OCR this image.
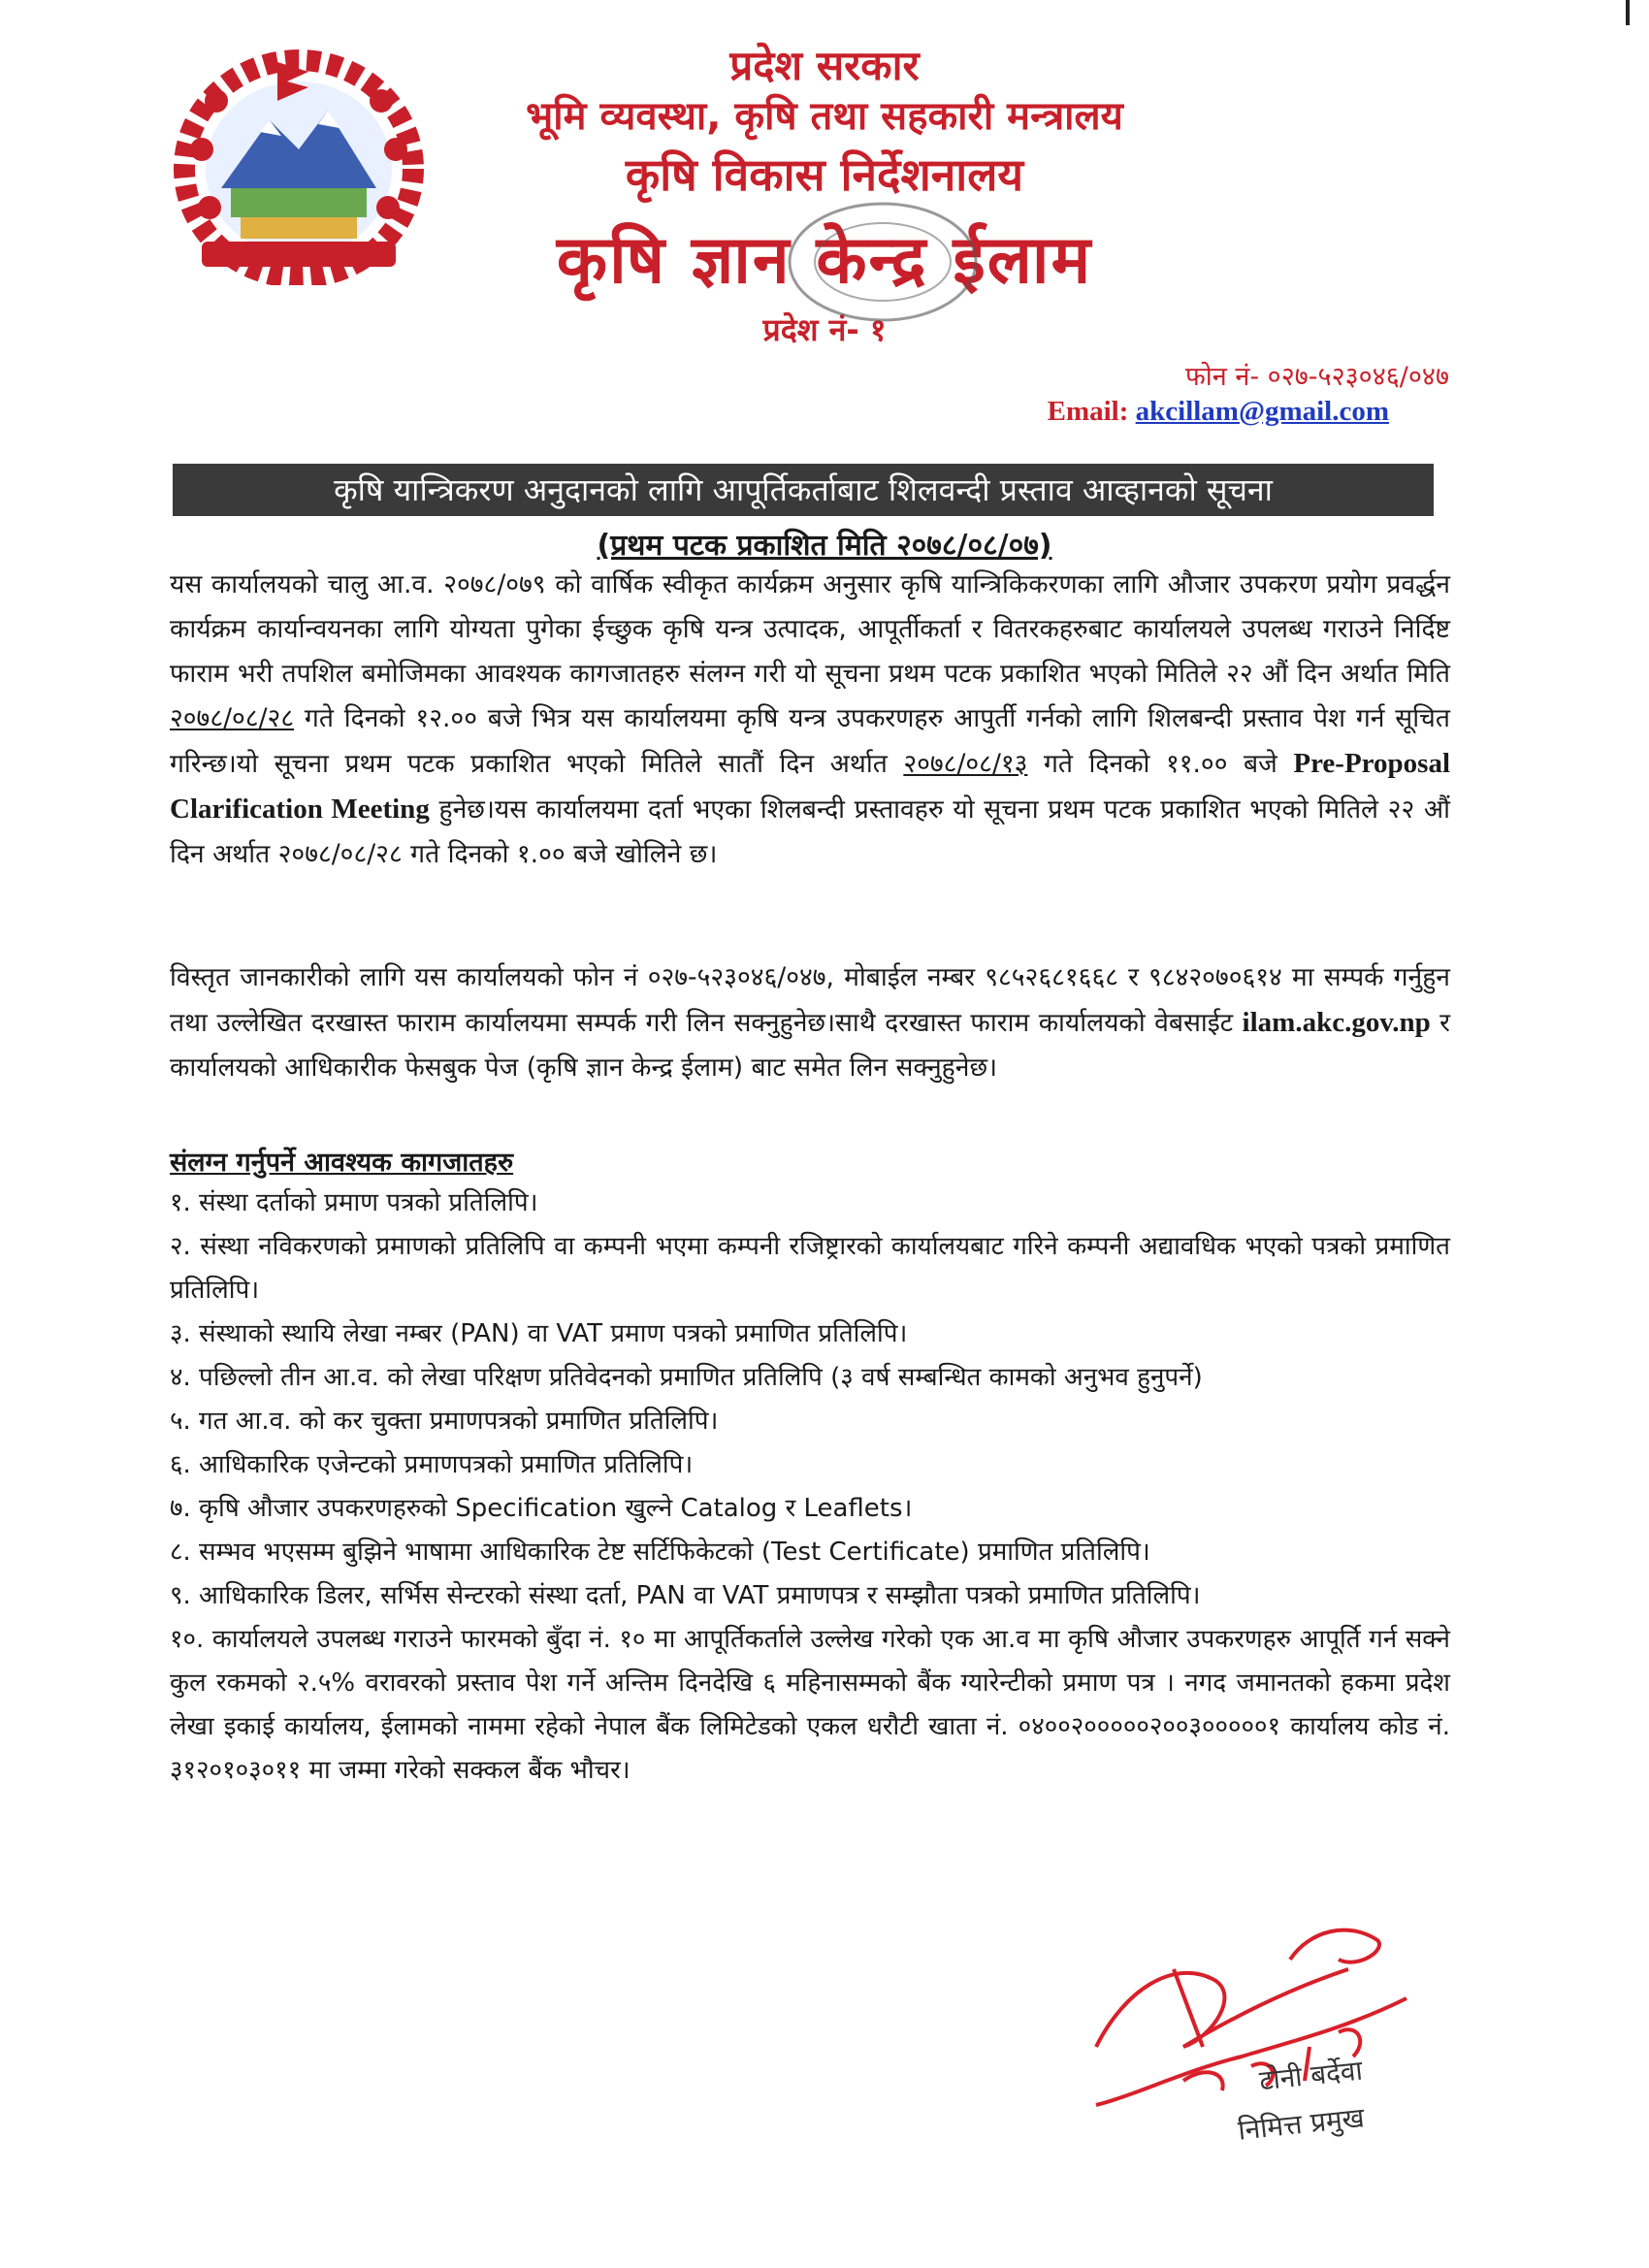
प्रदेश सरकार
भूमि व्यवस्था, कृषि तथा सहकारी मन्त्रालय
कृषि विकास निर्देशनालय
कृषि ज्ञान केन्द्र ईलाम
प्रदेश नं- १
फोन नं- ०२७-५२३०४६/०४७
Email: akcillam@gmail.com
कृषि यान्त्रिकरण अनुदानको लागि आपूर्तिकर्ताबाट शिलवन्दी प्रस्ताव आव्हानको सूचना
(प्रथम पटक प्रकाशित मिति २०७८/०८/०७)
यस कार्यालयको चालु आ.व. २०७८/०७९ को वार्षिक स्वीकृत कार्यक्रम अनुसार कृषि यान्त्रिकिकरणका लागि औजार उपकरण प्रयोग प्रवर्द्धन कार्यक्रम कार्यान्वयनका लागि योग्यता पुगेका ईच्छुक कृषि यन्त्र उत्पादक, आपूर्तीकर्ता र वितरकहरुबाट कार्यालयले उपलब्ध गराउने निर्दिष्ट फाराम भरी तपशिल बमोजिमका आवश्यक कागजातहरु संलग्न गरी यो सूचना प्रथम पटक प्रकाशित भएको मितिले २२ औं दिन अर्थात मिति २०७८/०८/२८ गते दिनको १२.०० बजे भित्र यस कार्यालयमा कृषि यन्त्र उपकरणहरु आपुर्ती गर्नको लागि शिलबन्दी प्रस्ताव पेश गर्न सूचित गरिन्छ।यो सूचना प्रथम पटक प्रकाशित भएको मितिले सातौं दिन अर्थात २०७८/०८/१३ गते दिनको ११.०० बजे Pre-Proposal Clarification Meeting हुनेछ।यस कार्यालयमा दर्ता भएका शिलबन्दी प्रस्तावहरु यो सूचना प्रथम पटक प्रकाशित भएको मितिले २२ औं दिन अर्थात २०७८/०८/२८ गते दिनको १.०० बजे खोलिने छ।
विस्तृत जानकारीको लागि यस कार्यालयको फोन नं ०२७-५२३०४६/०४७, मोबाईल नम्बर ९८५२६८१६६८ र ९८४२०७०६१४ मा सम्पर्क गर्नुहुन तथा उल्लेखित दरखास्त फाराम कार्यालयमा सम्पर्क गरी लिन सक्नुहुनेछ।साथै दरखास्त फाराम कार्यालयको वेबसाईट ilam.akc.gov.np र कार्यालयको आधिकारीक फेसबुक पेज (कृषि ज्ञान केन्द्र ईलाम) बाट समेत लिन सक्नुहुनेछ।
संलग्न गर्नुपर्ने आवश्यक कागजातहरु
१. संस्था दर्ताको प्रमाण पत्रको प्रतिलिपि।
२. संस्था नविकरणको प्रमाणको प्रतिलिपि वा कम्पनी भएमा कम्पनी रजिष्ट्रारको कार्यालयबाट गरिने कम्पनी अद्यावधिक भएको पत्रको प्रमाणित प्रतिलिपि।
३. संस्थाको स्थायि लेखा नम्बर (PAN) वा VAT प्रमाण पत्रको प्रमाणित प्रतिलिपि।
४. पछिल्लो तीन आ.व. को लेखा परिक्षण प्रतिवेदनको प्रमाणित प्रतिलिपि (३ वर्ष सम्बन्धित कामको अनुभव हुनुपर्ने)
५. गत आ.व. को कर चुक्ता प्रमाणपत्रको प्रमाणित प्रतिलिपि।
६. आधिकारिक एजेन्टको प्रमाणपत्रको प्रमाणित प्रतिलिपि।
७. कृषि औजार उपकरणहरुको Specification खुल्ने Catalog र Leaflets।
८. सम्भव भएसम्म बुझिने भाषामा आधिकारिक टेष्ट सर्टिफिकेटको (Test Certificate) प्रमाणित प्रतिलिपि।
९. आधिकारिक डिलर, सर्भिस सेन्टरको संस्था दर्ता, PAN वा VAT प्रमाणपत्र र सम्झौता पत्रको प्रमाणित प्रतिलिपि।
१०. कार्यालयले उपलब्ध गराउने फारमको बुँदा नं. १० मा आपूर्तिकर्ताले उल्लेख गरेको एक आ.व मा कृषि औजार उपकरणहरु आपूर्ति गर्न सक्ने कुल रकमको २.५% वरावरको प्रस्ताव पेश गर्ने अन्तिम दिनदेखि ६ महिनासम्मको बैंक ग्यारेन्टीको प्रमाण पत्र । नगद जमानतको हकमा प्रदेश लेखा इकाई कार्यालय, ईलामको नाममा रहेको नेपाल बैंक लिमिटेडको एकल धरौटी खाता नं. ०४००२०००००२००३०००००१ कार्यालय कोड नं. ३१२०१०३०११ मा जम्मा गरेको सक्कल बैंक भौचर।
टोनी बर्देवा
निमित्त प्रमुख
